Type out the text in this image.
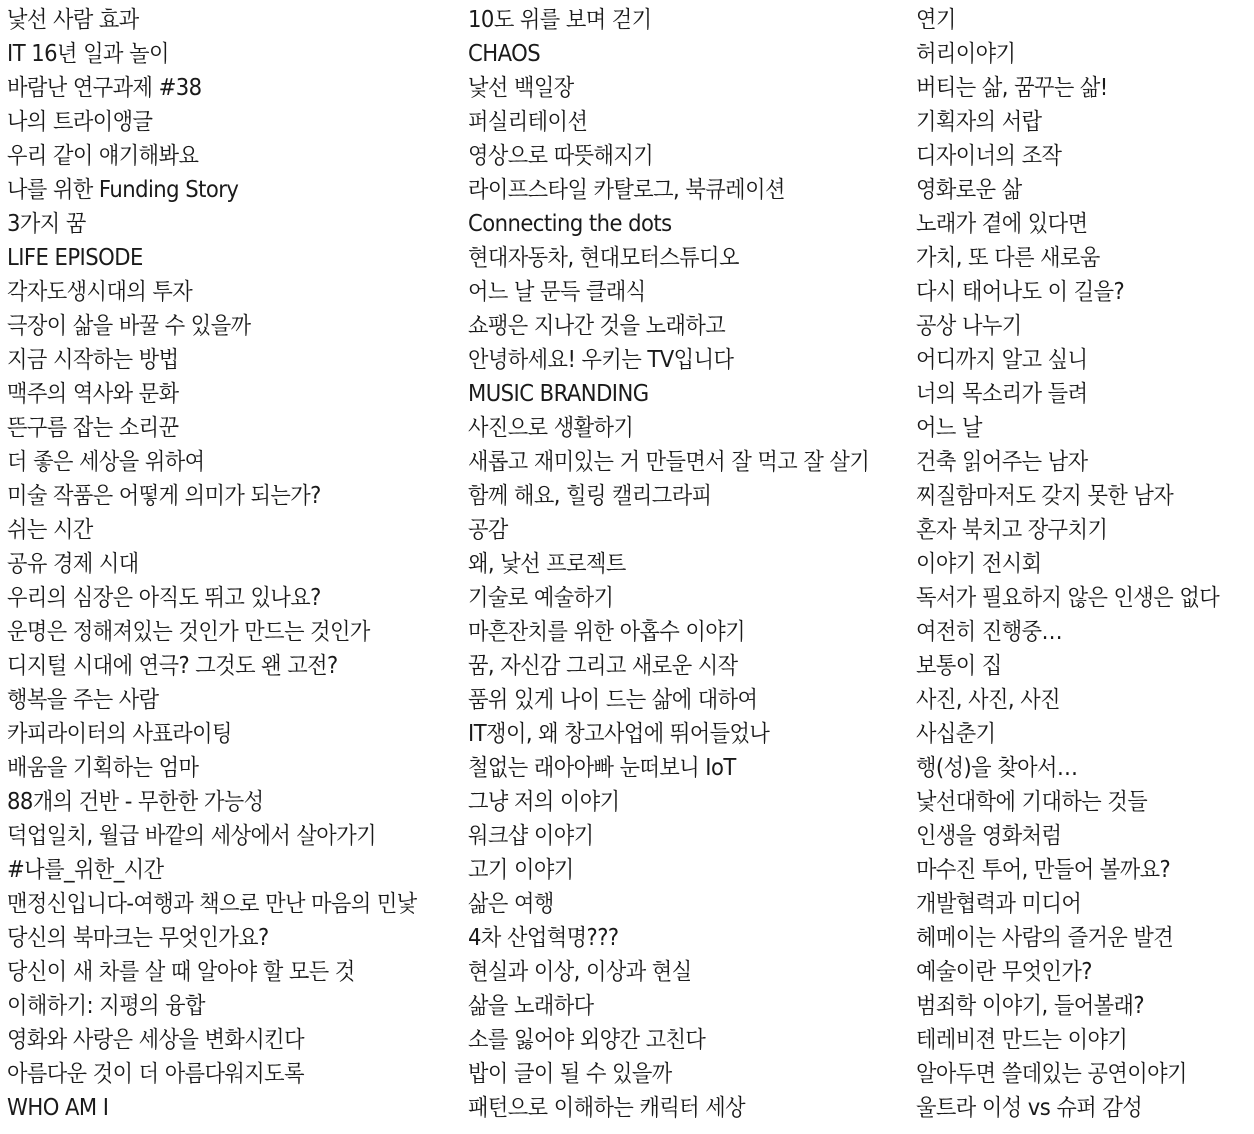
낯선 사람 효과
IT 16년 일과 놀이
바람난 연구과제 #38
나의 트라이앵글
우리 같이 얘기해봐요
나를 위한 Funding Story
3가지 꿈
LIFE EPISODE
각자도생시대의 투자
극장이 삶을 바꿀 수 있을까
지금 시작하는 방법
맥주의 역사와 문화
뜬구름 잡는 소리꾼
더 좋은 세상을 위하여
미술 작품은 어떻게 의미가 되는가?
쉬는 시간
공유 경제 시대
우리의 심장은 아직도 뛰고 있나요?
운명은 정해져있는 것인가 만드는 것인가
디지털 시대에 연극? 그것도 왠 고전?
행복을 주는 사람
카피라이터의 사표라이팅
배움을 기획하는 엄마
88개의 건반 - 무한한 가능성
덕업일치, 월급 바깥의 세상에서 살아가기
#나를_위한_시간
맨정신입니다-여행과 책으로 만난 마음의 민낯
당신의 북마크는 무엇인가요?
당신이 새 차를 살 때 알아야 할 모든 것
이해하기: 지평의 융합
영화와 사랑은 세상을 변화시킨다
아름다운 것이 더 아름다워지도록
WHO AM I
10도 위를 보며 걷기
CHAOS
낯선 백일장
퍼실리테이션
영상으로 따뜻해지기
라이프스타일 카탈로그, 북큐레이션
Connecting the dots
현대자동차, 현대모터스튜디오
어느 날 문득 클래식
쇼팽은 지나간 것을 노래하고
안녕하세요! 우키는 TV입니다
MUSIC BRANDING
사진으로 생활하기
새롭고 재미있는 거 만들면서 잘 먹고 잘 살기
함께 해요, 힐링 캘리그라피
공감
왜, 낯선 프로젝트
기술로 예술하기
마흔잔치를 위한 아홉수 이야기
꿈, 자신감 그리고 새로운 시작
품위 있게 나이 드는 삶에 대하여
IT쟁이, 왜 창고사업에 뛰어들었나
철없는 래아아빠 눈떠보니 IoT
그냥 저의 이야기
워크샵 이야기
고기 이야기
삶은 여행
4차 산업혁명???
현실과 이상, 이상과 현실
삶을 노래하다
소를 잃어야 외양간 고친다
밥이 글이 될 수 있을까
패턴으로 이해하는 캐릭터 세상
연기
허리이야기
버티는 삶, 꿈꾸는 삶!
기획자의 서랍
디자이너의 조작
영화로운 삶
노래가 곁에 있다면
가치, 또 다른 새로움
다시 태어나도 이 길을?
공상 나누기
어디까지 알고 싶니
너의 목소리가 들려
어느 날
건축 읽어주는 남자
찌질함마저도 갖지 못한 남자
혼자 북치고 장구치기
이야기 전시회
독서가 필요하지 않은 인생은 없다
여전히 진행중…
보통이 집
사진, 사진, 사진
사십춘기
행(성)을 찾아서…
낯선대학에 기대하는 것들
인생을 영화처럼
마수진 투어, 만들어 볼까요?
개발협력과 미디어
헤메이는 사람의 즐거운 발견
예술이란 무엇인가?
범죄학 이야기, 들어볼래?
테레비젼 만드는 이야기
알아두면 쓸데있는 공연이야기
울트라 이성 vs 슈퍼 감성
